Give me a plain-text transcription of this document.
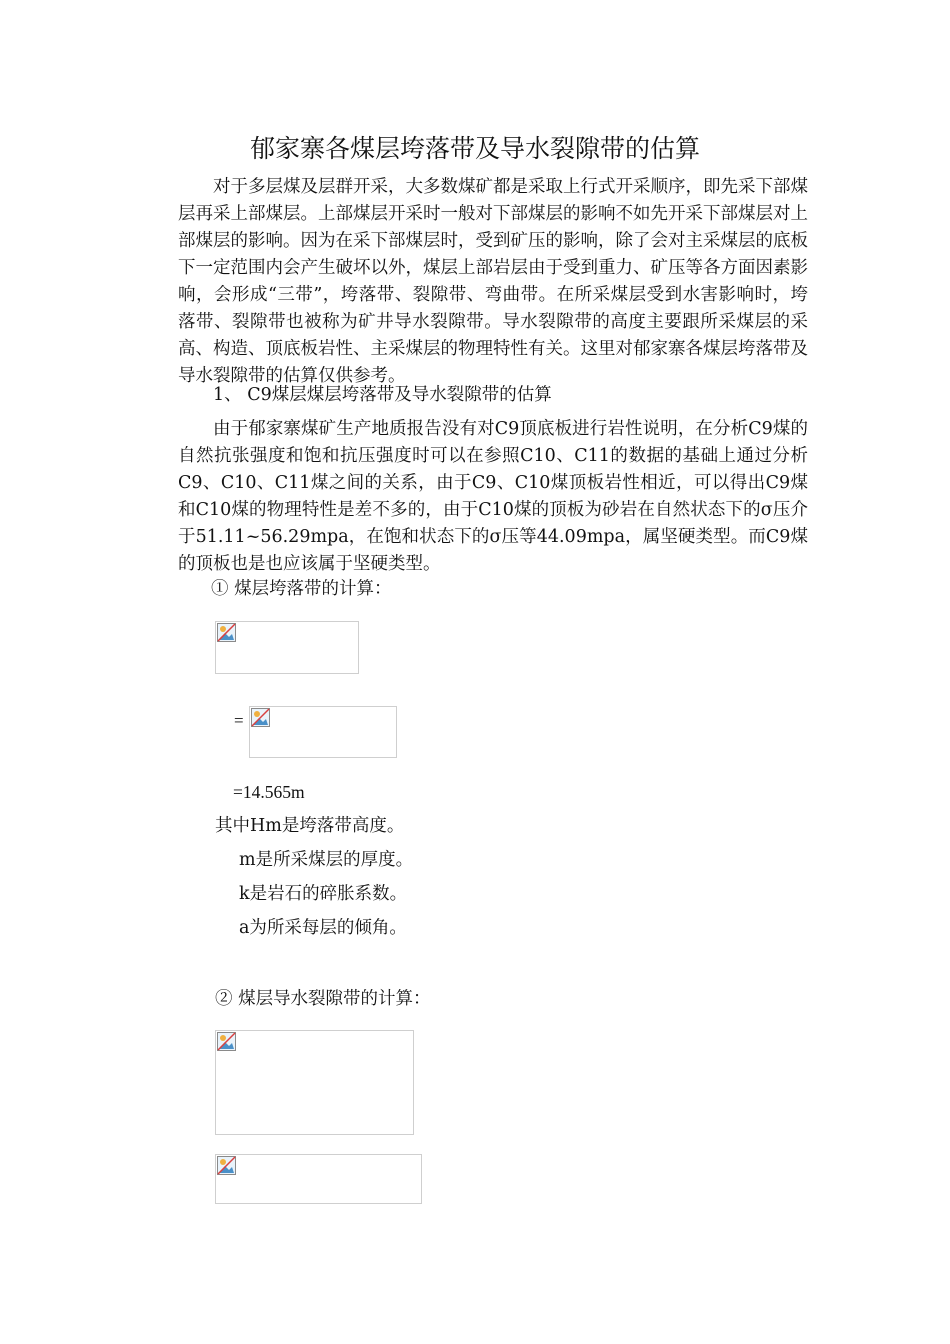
郁家寨各煤层垮落带及导水裂隙带的估算

对于多层煤及层群开采，大多数煤矿都是采取上行式开采顺序，即先采下部煤层再采上部煤层。上部煤层开采时一般对下部煤层的影响不如先开采下部煤层对上部煤层的影响。因为在采下部煤层时，受到矿压的影响，除了会对主采煤层的底板下一定范围内会产生破坏以外，煤层上部岩层由于受到重力、矿压等各方面因素影响，会形成“三带”，垮落带、裂隙带、弯曲带。在所采煤层受到水害影响时，垮落带、裂隙带也被称为矿井导水裂隙带。导水裂隙带的高度主要跟所采煤层的采高、构造、顶底板岩性、主采煤层的物理特性有关。这里对郁家寨各煤层垮落带及导水裂隙带的估算仅供参考。

1、 C9煤层煤层垮落带及导水裂隙带的估算

由于郁家寨煤矿生产地质报告没有对C9顶底板进行岩性说明，在分析C9煤的自然抗张强度和饱和抗压强度时可以在参照C10、C11的数据的基础上通过分析C9、C10、C11煤之间的关系，由于C9、C10煤顶板岩性相近，可以得出C9煤和C10煤的物理特性是差不多的，由于C10煤的顶板为砂岩在自然状态下的σ压介于51.11~56.29mpa，在饱和状态下的σ压等44.09mpa，属坚硬类型。而C9煤的顶板也是也应该属于坚硬类型。

① 煤层垮落带的计算：
=
=14.565m
其中Hm是垮落带高度。
m是所采煤层的厚度。
k是岩石的碎胀系数。
a为所采每层的倾角。
② 煤层导水裂隙带的计算：
